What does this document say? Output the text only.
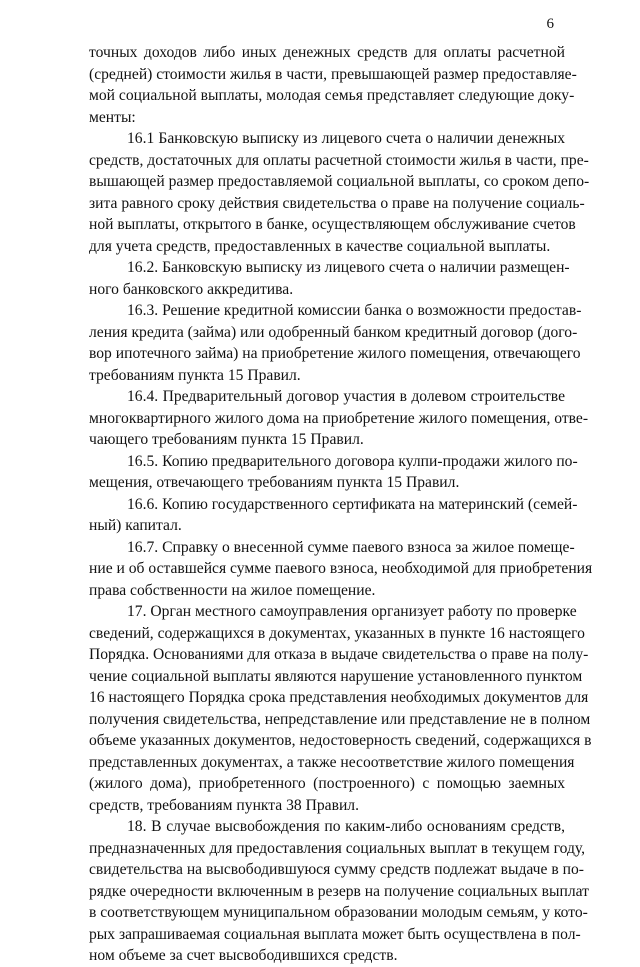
6
точных доходов либо иных денежных средств для оплаты расчетной
(средней) стоимости жилья в части, превышающей размер предоставляе-
мой социальной выплаты, молодая семья представляет следующие доку-
менты:
16.1 Банковскую выписку из лицевого счета о наличии денежных
средств, достаточных для оплаты расчетной стоимости жилья в части, пре-
вышающей размер предоставляемой социальной выплаты, со сроком депо-
зита равного сроку действия свидетельства о праве на получение социаль-
ной выплаты, открытого в банке, осуществляющем обслуживание счетов
для учета средств, предоставленных в качестве социальной выплаты.
16.2. Банковскую выписку из лицевого счета о наличии размещен-
ного банковского аккредитива.
16.3. Решение кредитной комиссии банка о возможности предостав-
ления кредита (займа) или одобренный банком кредитный договор (дого-
вор ипотечного займа) на приобретение жилого помещения, отвечающего
требованиям пункта 15 Правил.
16.4. Предварительный договор участия в долевом строительстве
многоквартирного жилого дома на приобретение жилого помещения, отве-
чающего требованиям пункта 15 Правил.
16.5. Копию предварительного договора кулпи-продажи жилого по-
мещения, отвечающего требованиям пункта 15 Правил.
16.6. Копию государственного сертификата на материнский (семей-
ный) капитал.
16.7. Справку о внесенной сумме паевого взноса за жилое помеще-
ние и об оставшейся сумме паевого взноса, необходимой для приобретения
права собственности на жилое помещение.
17. Орган местного самоуправления организует работу по проверке
сведений, содержащихся в документах, указанных в пункте 16 настоящего
Порядка. Основаниями для отказа в выдаче свидетельства о праве на полу-
чение социальной выплаты являются нарушение установленного пунктом
16 настоящего Порядка срока представления необходимых документов для
получения свидетельства, непредставление или представление не в полном
объеме указанных документов, недостоверность сведений, содержащихся в
представленных документах, а также несоответствие жилого помещения
(жилого дома), приобретенного (построенного) с помощью заемных
средств, требованиям пункта 38 Правил.
18. В случае высвобождения по каким-либо основаниям средств,
предназначенных для предоставления социальных выплат в текущем году,
свидетельства на высвободившуюся сумму средств подлежат выдаче в по-
рядке очередности включенным в резерв на получение социальных выплат
в соответствующем муниципальном образовании молодым семьям, у кото-
рых запрашиваемая социальная выплата может быть осуществлена в пол-
ном объеме за счет высвободившихся средств.
